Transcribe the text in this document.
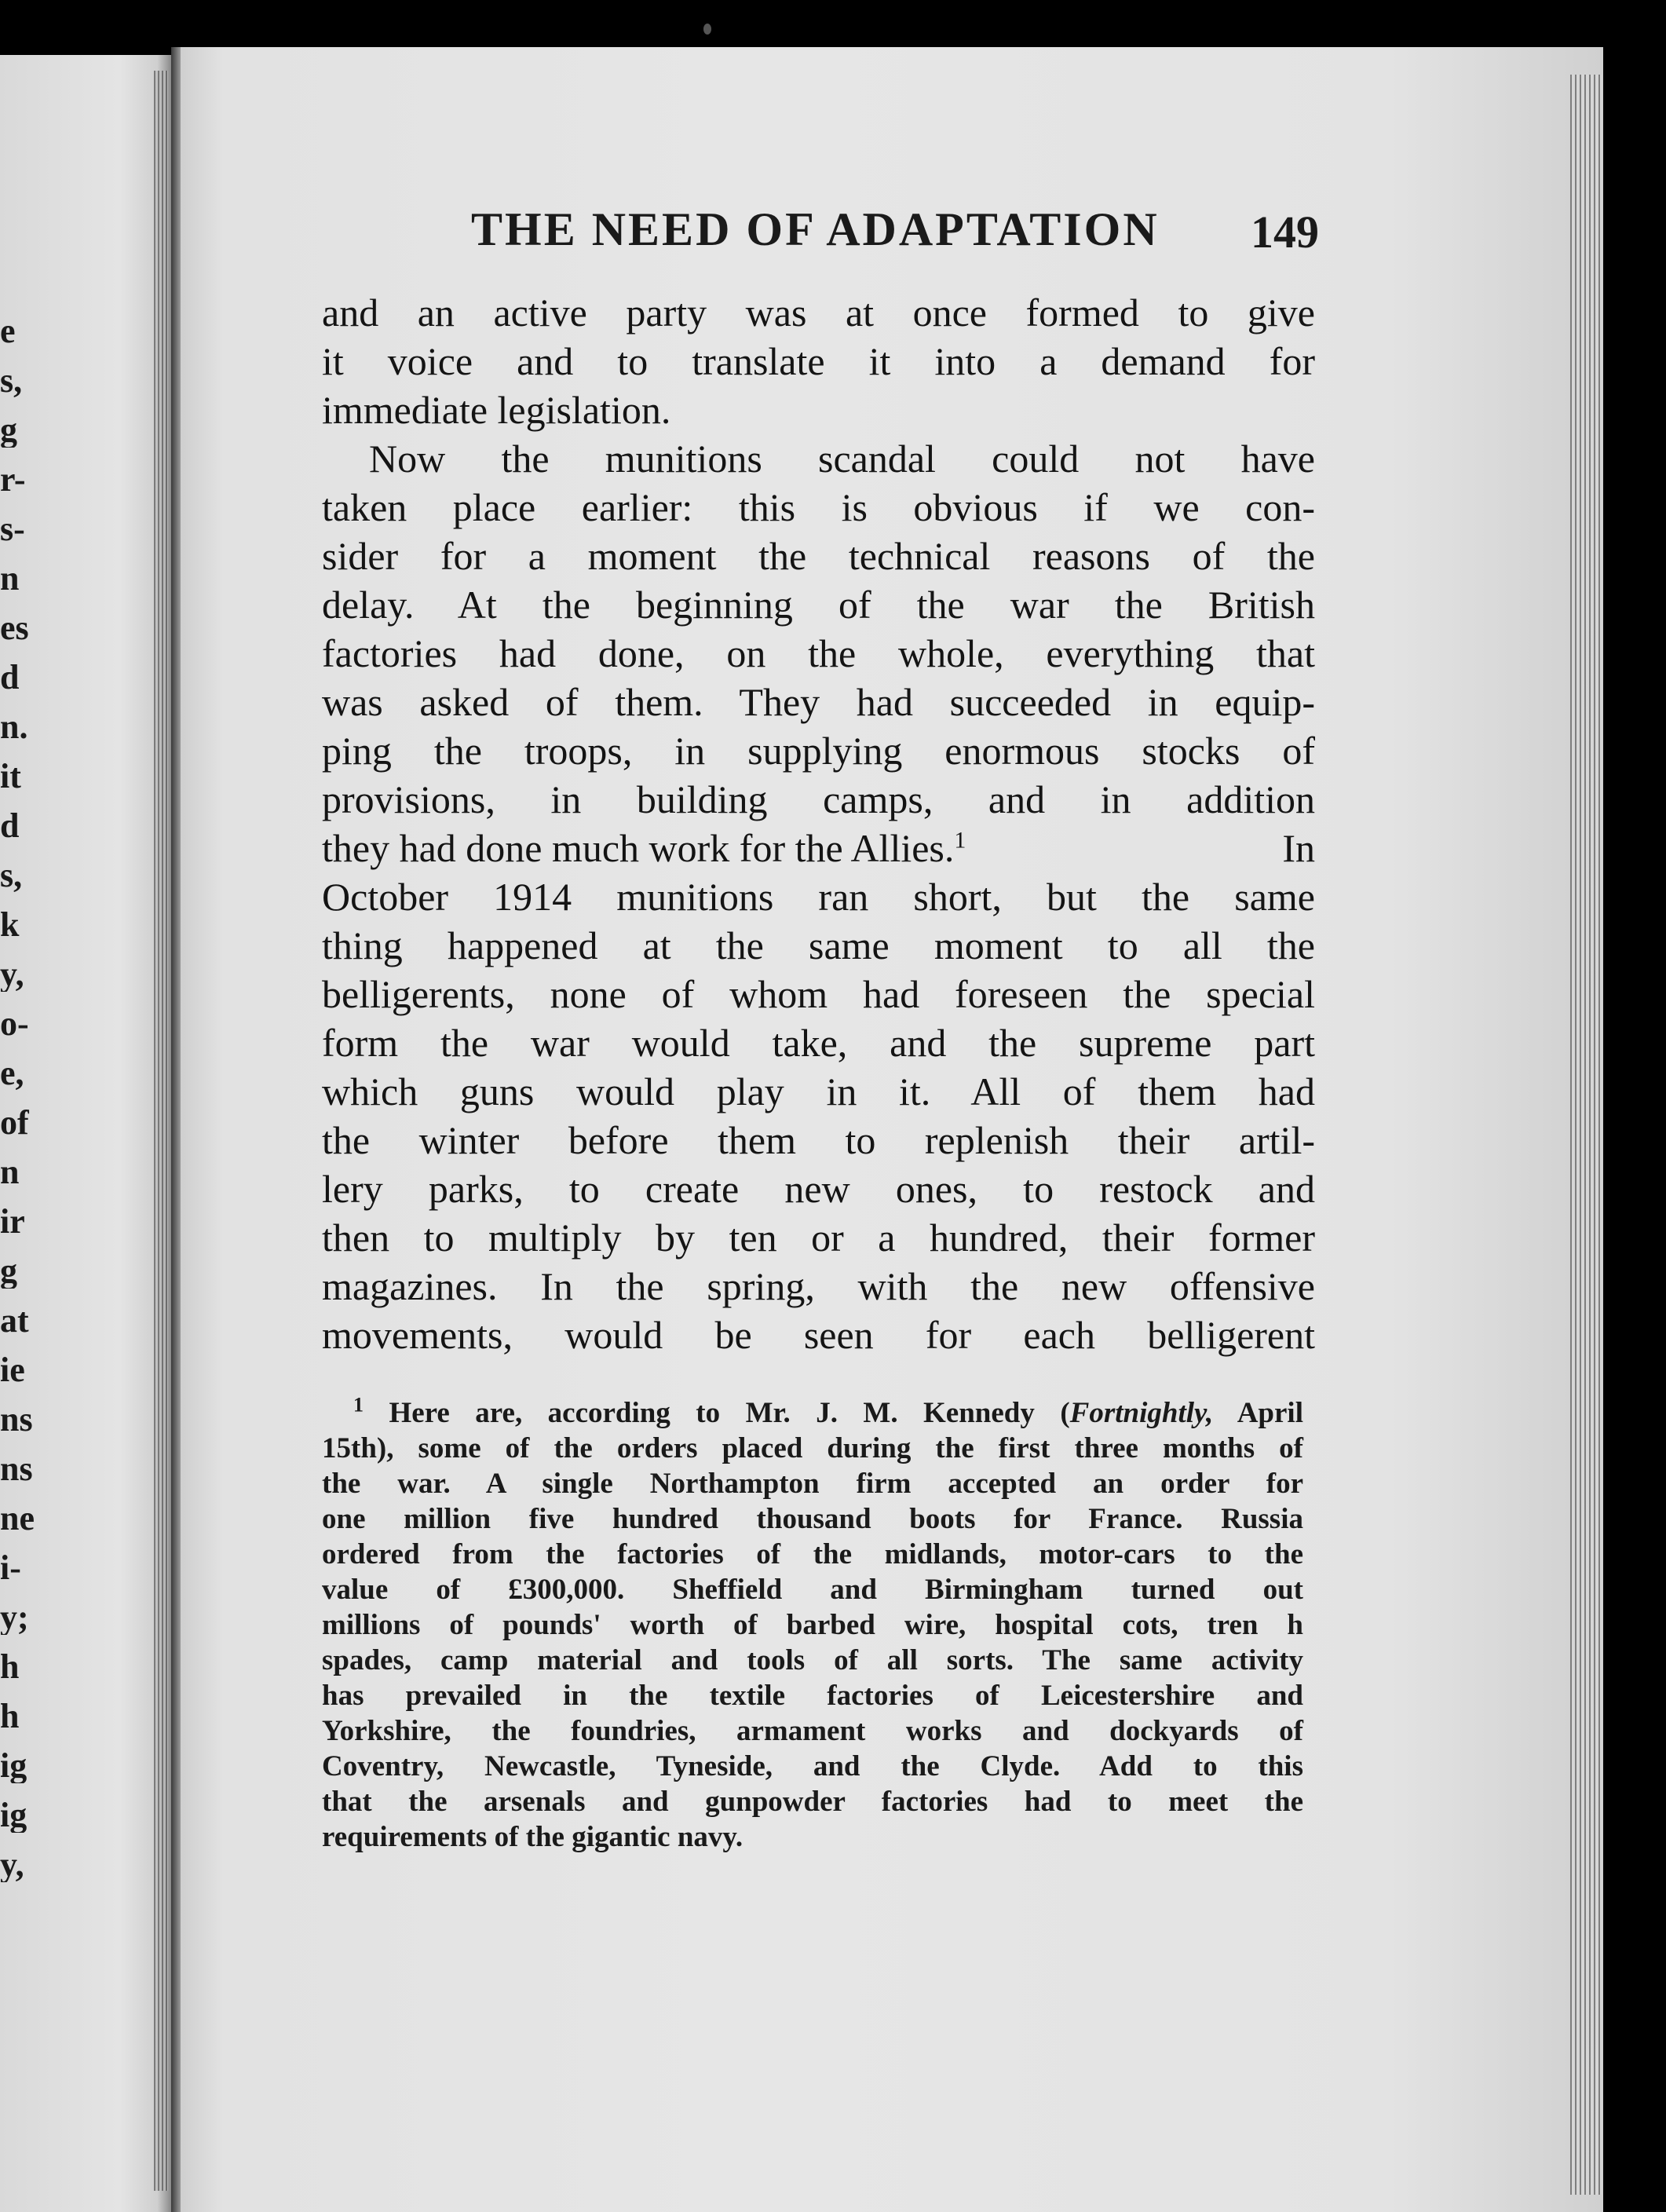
e
s,
g
r-
s-
n
es
d
n.
it
d
s,
k
y,
o-
e,
of
n
ir
g
at
ie
ns
ns
ne
i-
y;
h
h
ig
ig
y,
THE NEED OF ADAPTATION	149
and an active party was at once formed to give
it voice and to translate it into a demand for
immediate legislation.
Now the munitions scandal could not have
taken place earlier: this is obvious if we con-
sider for a moment the technical reasons of the
delay. At the beginning of the war the British
factories had done, on the whole, everything that
was asked of them. They had succeeded in equip-
ping the troops, in supplying enormous stocks of
provisions, in building camps, and in addition
they had done much work for the Allies.$^1$	In
October 1914 munitions ran short, but the same
thing happened at the same moment to all the
belligerents, none of whom had foreseen the special
form the war would take, and the supreme part
which guns would play in it. All of them had
the winter before them to replenish their artil-
lery parks, to create new ones, to restock and
then to multiply by ten or a hundred, their former
magazines. In the spring, with the new offensive
movements, would be seen for each belligerent
$^1$ Here are, according to Mr. J. M. Kennedy (Fortnightly, April
15th), some of the orders placed during the first three months of
the war. A single Northampton firm accepted an order for
one million five hundred thousand boots for France. Russia
ordered from the factories of the midlands, motor-cars to the
value of £300,000. Sheffield and Birmingham turned out
millions of pounds' worth of barbed wire, hospital cots, tren h
spades, camp material and tools of all sorts. The same activity
has prevailed in the textile factories of Leicestershire and
Yorkshire, the foundries, armament works and dockyards of
Coventry, Newcastle, Tyneside, and the Clyde. Add to this
that the arsenals and gunpowder factories had to meet the
requirements of the gigantic navy.
